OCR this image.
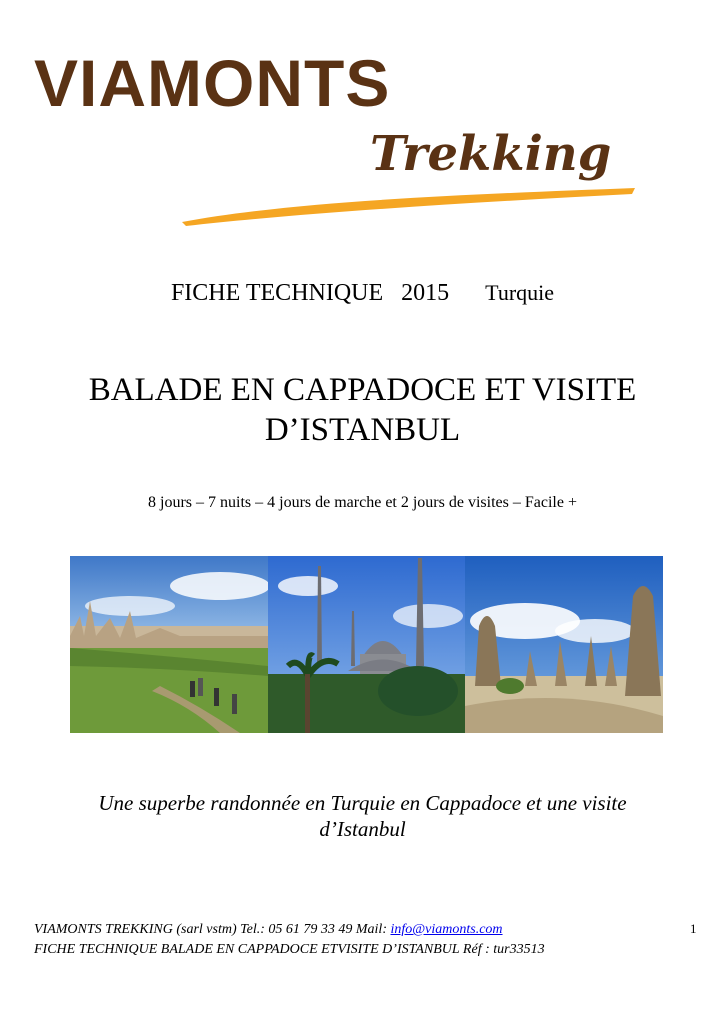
VIAMONTS
Trekking
FICHE TECHNIQUE 2015 Turquie
BALADE EN CAPPADOCE ET VISITE
D’ISTANBUL
8 jours – 7 nuits – 4 jours de marche et 2 jours de visites – Facile +
Une superbe randonnée en Turquie en Cappadoce et une visite
d’Istanbul
VIAMONTS TREKKING (sarl vstm) Tel.: 05 61 79 33 49 Mail: info@viamonts.com
FICHE TECHNIQUE BALADE EN CAPPADOCE ETVISITE D’ISTANBUL Réf : tur33513
1
